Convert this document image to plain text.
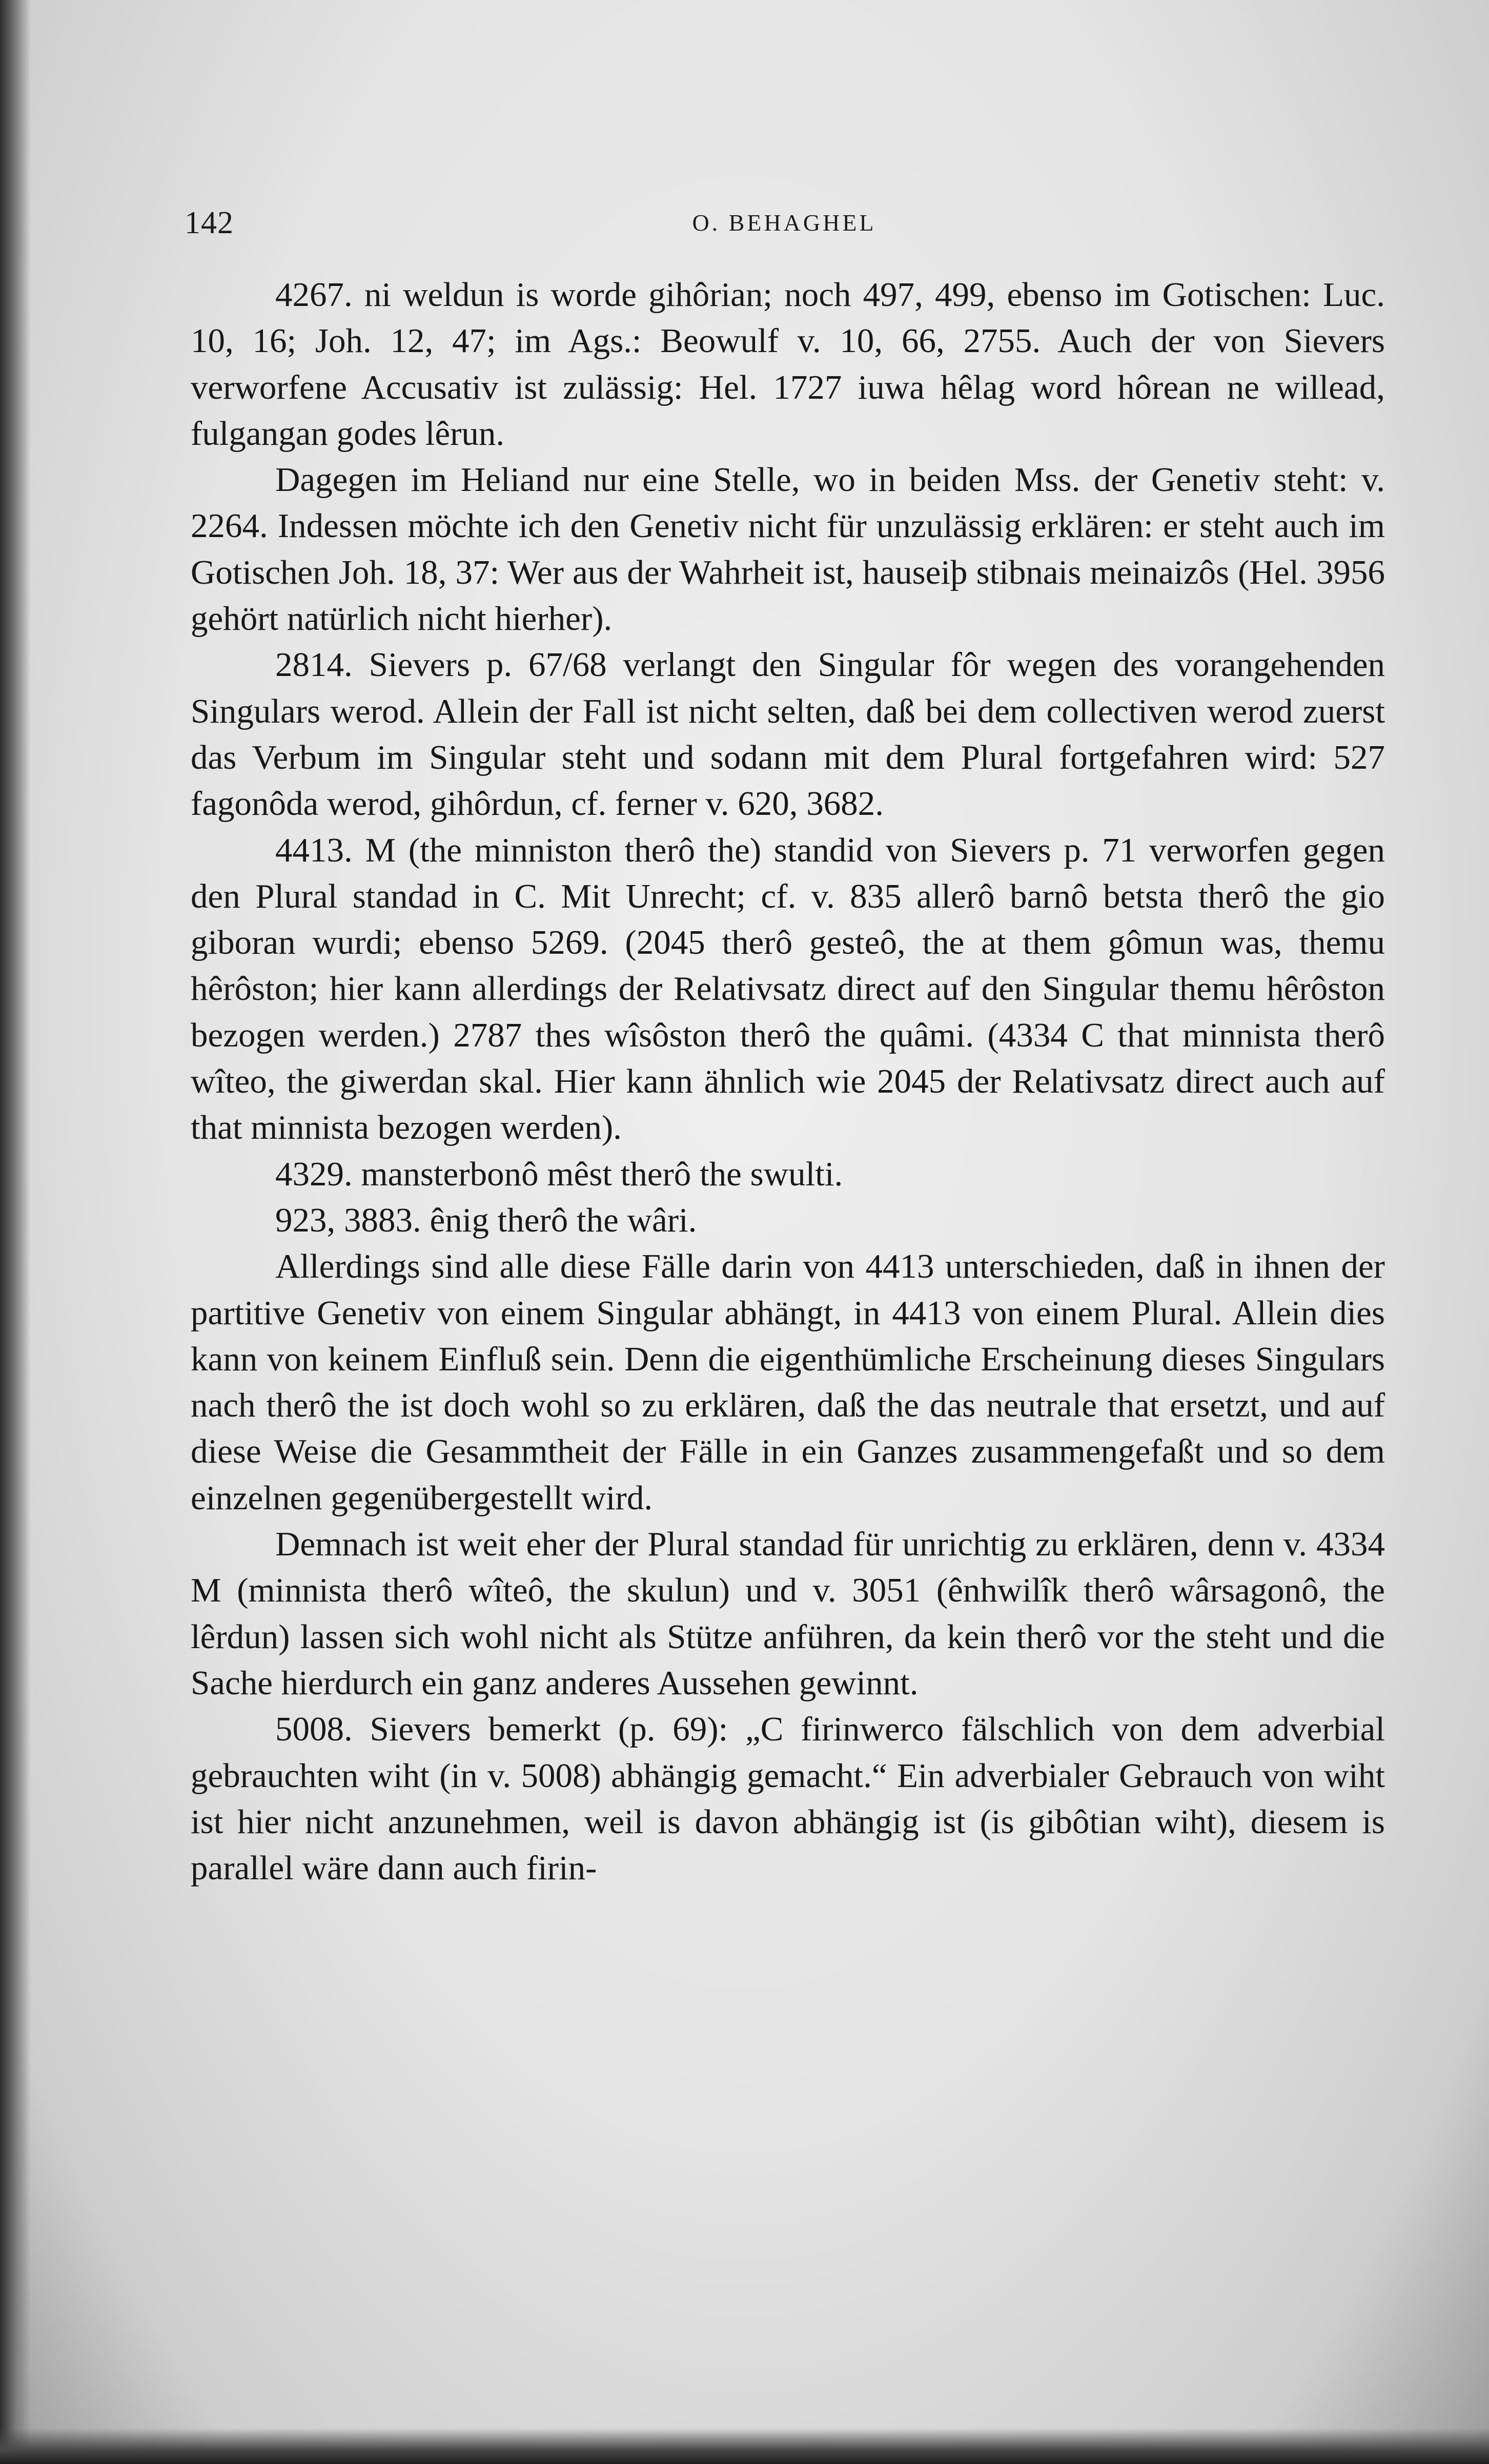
142	O. BEHAGHEL

4267. ni weldun is worde gihôrian; noch 497, 499, ebenso im Gotischen: Luc. 10, 16; Joh. 12, 47; im Ags.: Beowulf v. 10, 66, 2755. Auch der von Sievers verworfene Accusativ ist zulässig: Hel. 1727 iuwa hêlag word hôrean ne willead, fulgangan godes lêrun.

Dagegen im Heliand nur eine Stelle, wo in beiden Mss. der Genetiv steht: v. 2264. Indessen möchte ich den Genetiv nicht für unzulässig erklären: er steht auch im Gotischen Joh. 18, 37: Wer aus der Wahrheit ist, hauseiþ stibnais meinaizôs (Hel. 3956 gehört natürlich nicht hierher).

2814. Sievers p. 67/68 verlangt den Singular fôr wegen des vorangehenden Singulars werod. Allein der Fall ist nicht selten, daß bei dem collectiven werod zuerst das Verbum im Singular steht und sodann mit dem Plural fortgefahren wird: 527 fagonôda werod, gihôrdun, cf. ferner v. 620, 3682.

4413. M (the minniston therô the) standid von Sievers p. 71 verworfen gegen den Plural standad in C. Mit Unrecht; cf. v. 835 allerô barnô betsta therô the gio giboran wurdi; ebenso 5269. (2045 therô gesteô, the at them gômun was, themu hêrôston; hier kann allerdings der Relativsatz direct auf den Singular themu hêrôston bezogen werden.) 2787 thes wîsôston therô the quâmi. (4334 C that minnista therô wîteo, the giwerdan skal. Hier kann ähnlich wie 2045 der Relativsatz direct auch auf that minnista bezogen werden).

4329. mansterbonô mêst therô the swulti.

923, 3883. ênig therô the wâri.

Allerdings sind alle diese Fälle darin von 4413 unterschieden, daß in ihnen der partitive Genetiv von einem Singular abhängt, in 4413 von einem Plural. Allein dies kann von keinem Einfluß sein. Denn die eigenthümliche Erscheinung dieses Singulars nach therô the ist doch wohl so zu erklären, daß the das neutrale that ersetzt, und auf diese Weise die Gesammtheit der Fälle in ein Ganzes zusammengefaßt und so dem einzelnen gegenübergestellt wird.

Demnach ist weit eher der Plural standad für unrichtig zu erklären, denn v. 4334 M (minnista therô wîteô, the skulun) und v. 3051 (ênhwilîk therô wârsagonô, the lêrdun) lassen sich wohl nicht als Stütze anführen, da kein therô vor the steht und die Sache hierdurch ein ganz anderes Aussehen gewinnt.

5008. Sievers bemerkt (p. 69): „C firinwerco fälschlich von dem adverbial gebrauchten wiht (in v. 5008) abhängig gemacht.“ Ein adverbialer Gebrauch von wiht ist hier nicht anzunehmen, weil is davon abhängig ist (is gibôtian wiht), diesem is parallel wäre dann auch firin-
